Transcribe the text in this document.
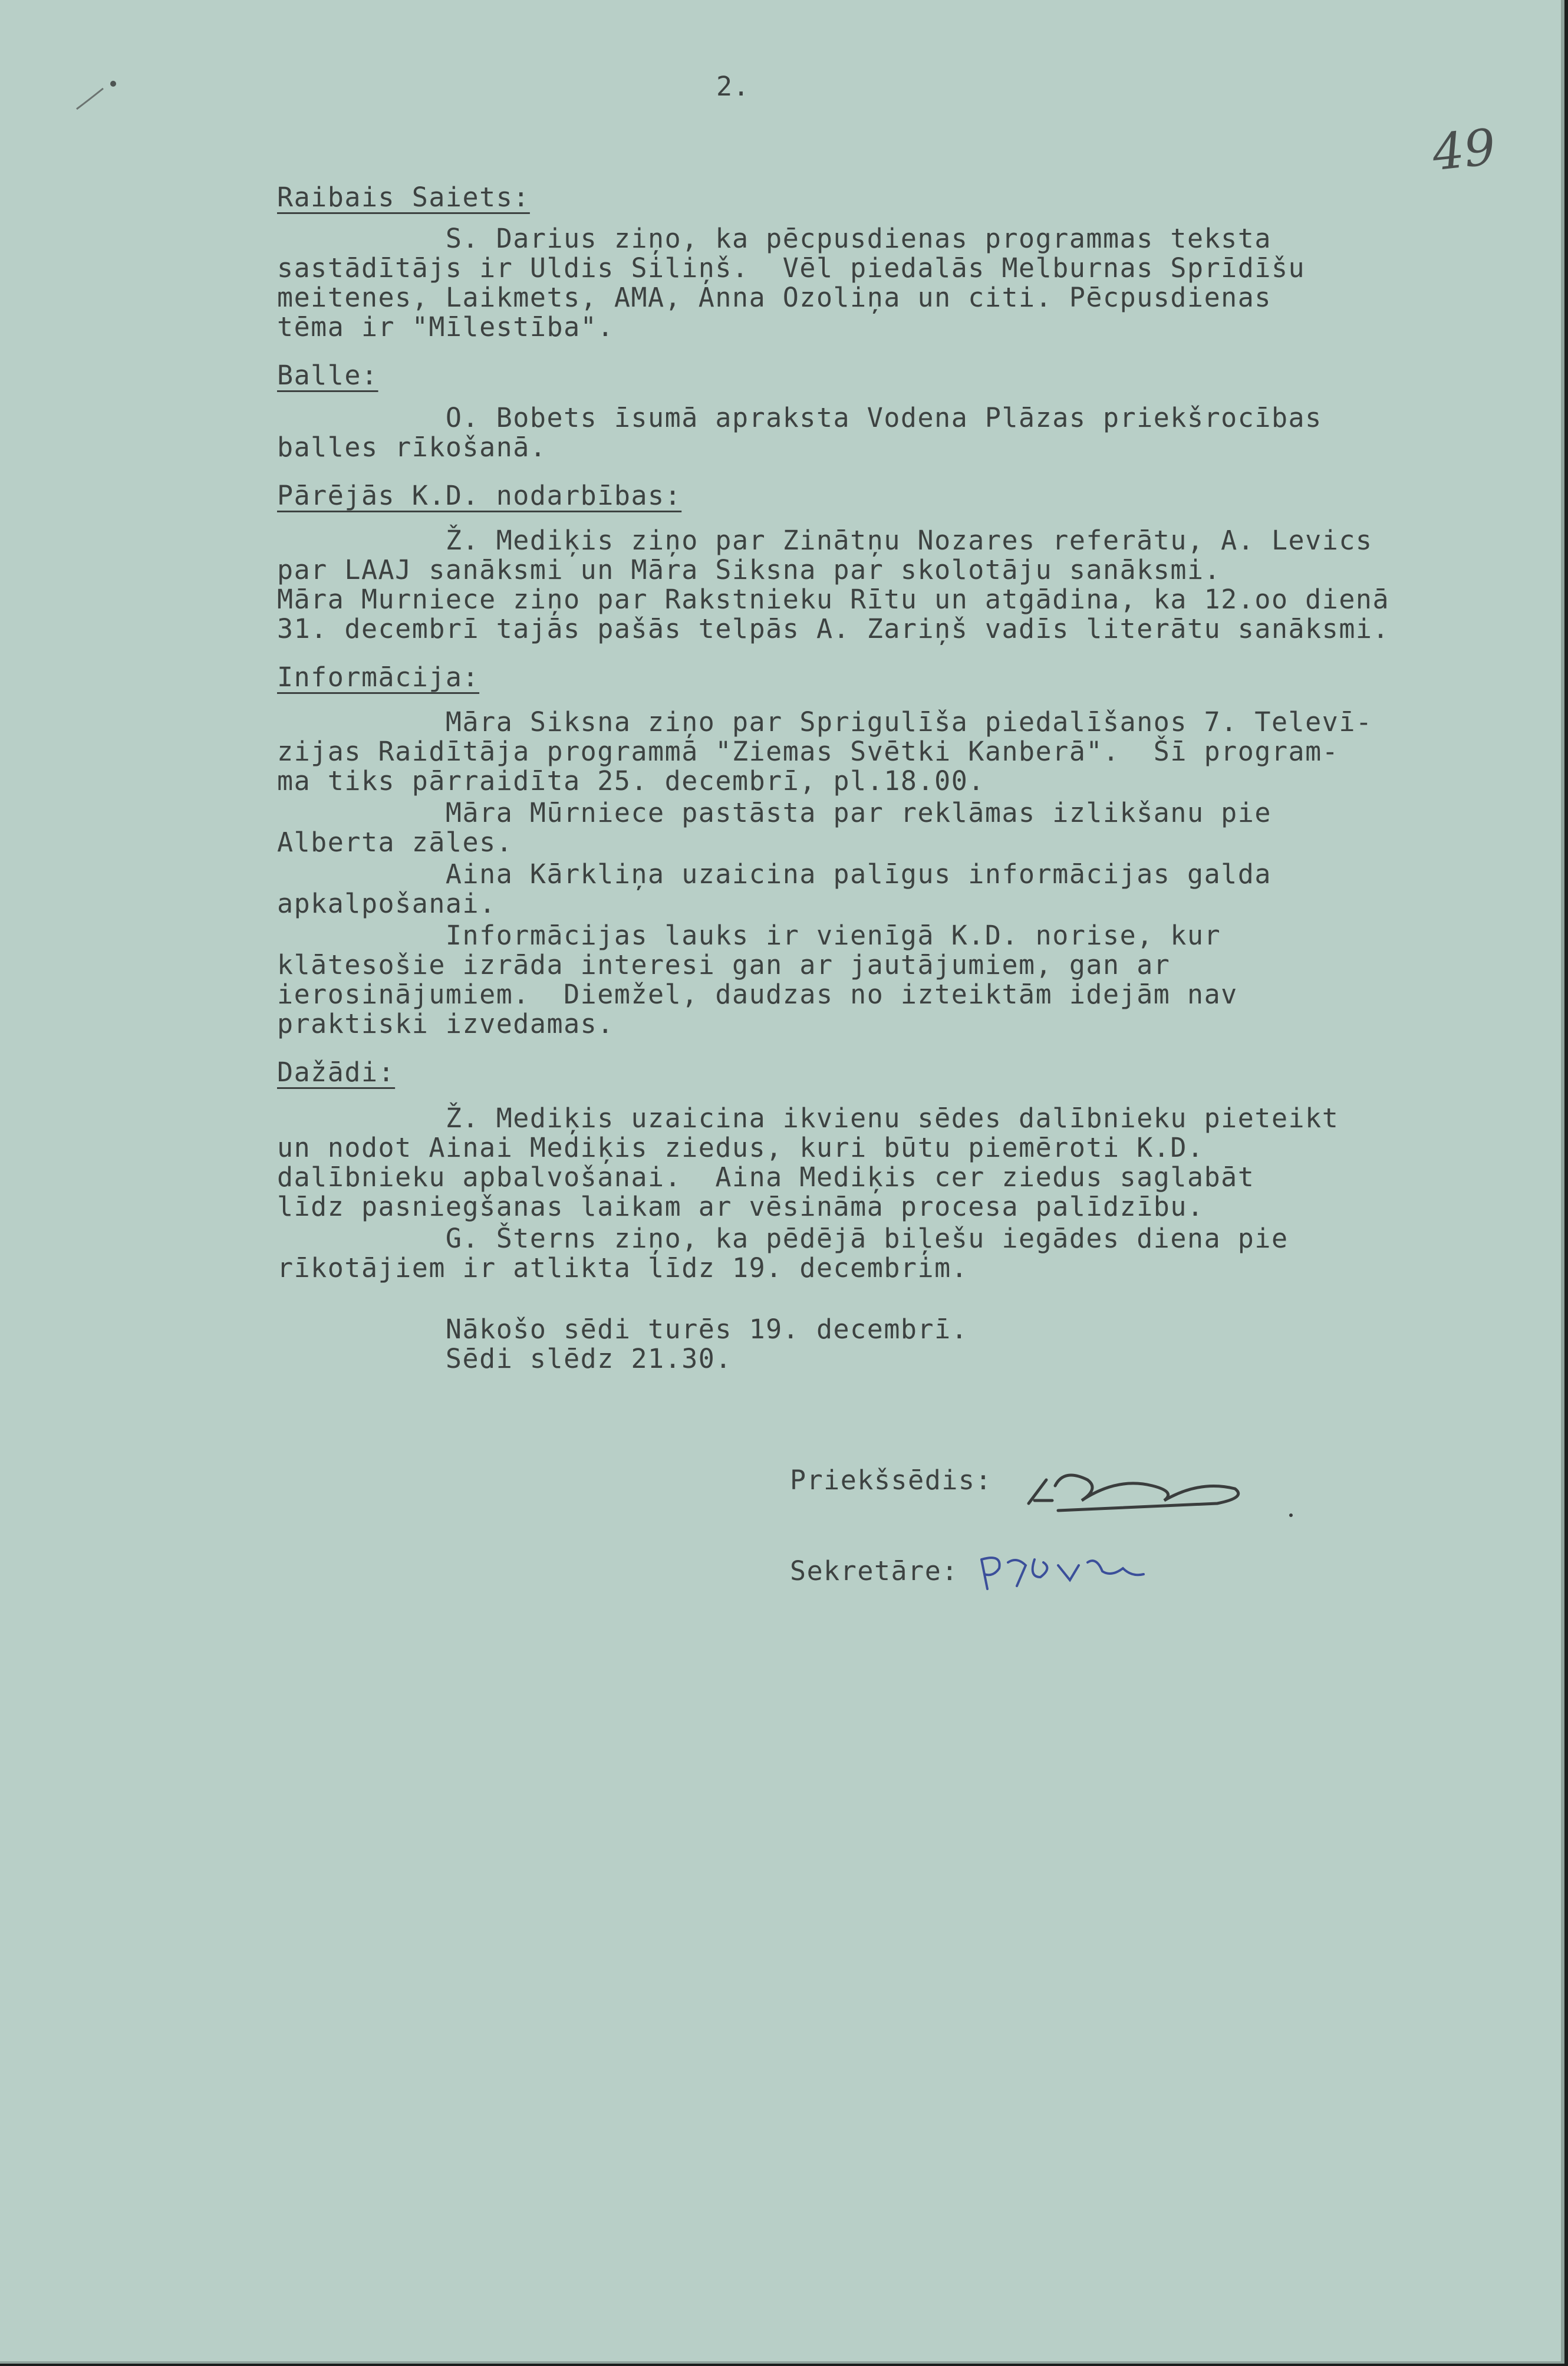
2.
49
Raibais Saiets:
S. Darius ziņo, ka pēcpusdienas programmas teksta
sastādītājs ir Uldis Siliņš.  Vēl piedalās Melburnas Sprīdīšu
meitenes, Laikmets, AMA, Anna Ozoliņa un citi. Pēcpusdienas
tēma ir "Mīlestība".
Balle:
O. Bobets īsumā apraksta Vodena Plāzas priekšrocības
balles rīkošanā.
Pārējās K.D. nodarbības:
Ž. Mediķis ziņo par Zinātņu Nozares referātu, A. Levics
par LAAJ sanāksmi un Māra Siksna par skolotāju sanāksmi.
Māra Murniece ziņo par Rakstnieku Rītu un atgādina, ka 12.oo dienā
31. decembrī tajās pašās telpās A. Zariņš vadīs literātu sanāksmi.
Informācija:
Māra Siksna ziņo par Sprigulīša piedalīšanos 7. Televī-
zijas Raidītāja programmā "Ziemas Svētki Kanberā".  Šī program-
ma tiks pārraidīta 25. decembrī, pl.18.00.
Māra Mūrniece pastāsta par reklāmas izlikšanu pie
Alberta zāles.
Aina Kārkliņa uzaicina palīgus informācijas galda
apkalpošanai.
Informācijas lauks ir vienīgā K.D. norise, kur
klātesošie izrāda interesi gan ar jautājumiem, gan ar
ierosinājumiem.  Diemžel, daudzas no izteiktām idejām nav
praktiski izvedamas.
Dažādi:
Ž. Mediķis uzaicina ikvienu sēdes dalībnieku pieteikt
un nodot Ainai Mediķis ziedus, kuri būtu piemēroti K.D.
dalībnieku apbalvošanai.  Aina Mediķis cer ziedus saglabāt
līdz pasniegšanas laikam ar vēsināma procesa palīdzību.
G. Šterns ziņo, ka pēdējā biļešu iegādes diena pie
rīkotājiem ir atlikta līdz 19. decembrim.
Nākošo sēdi turēs 19. decembrī.
Sēdi slēdz 21.30.
Priekšsēdis:
Sekretāre:
